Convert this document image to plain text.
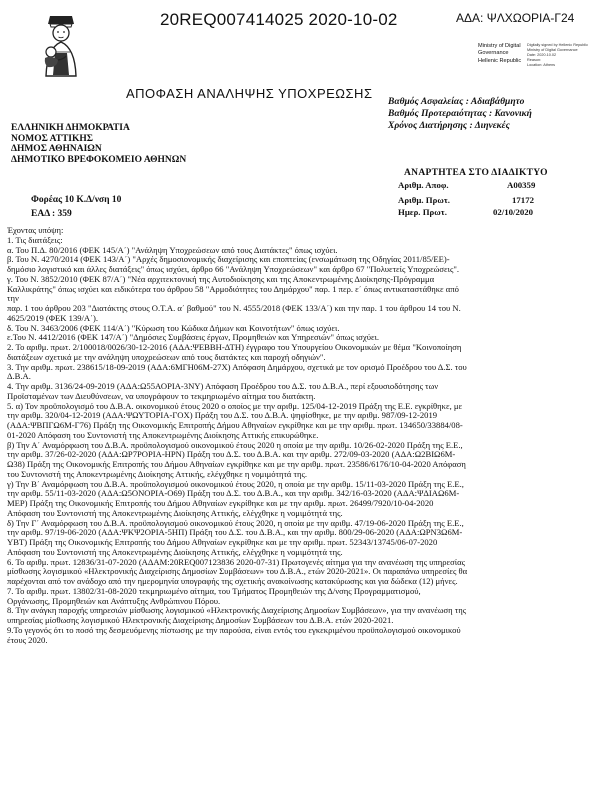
20REQ007414025 2020-10-02	ΑΔΑ: ΨΛΧΩΟΡΙΑ-Γ24
Ministry of Digital
Governance
Hellenic Republic
Digitally signed by Hellenic Republic
Ministry of Digital Governance
Date: 2020.10.02
Reason:
Location: Athens
ΑΠΟΦΑΣΗ ΑΝΑΛΗΨΗΣ ΥΠΟΧΡΕΩΣΗΣ
Βαθμός Ασφαλείας : Αδιαβάθμητο
Βαθμός Προτεραιότητας : Κανονική
Χρόνος Διατήρησης : Διηνεκές
ΕΛΛΗΝΙΚΗ ΔΗΜΟΚΡΑΤΙΑ
ΝΟΜΟΣ ΑΤΤΙΚΗΣ
ΔΗΜΟΣ ΑΘΗΝΑΙΩΝ
ΔΗΜΟΤΙΚΟ ΒΡΕΦΟΚΟΜΕΙΟ ΑΘΗΝΩΝ
ΑΝΑΡΤΗΤΕΑ ΣΤΟ ΔΙΑΔΙΚΤΥΟ
Αριθμ. Αποφ.	Α00359
Αριθμ. Πρωτ.	17172
Ημερ. Πρωτ.	02/10/2020
Φορέας 10 Κ.Δ/νση 10
ΕΑΔ : 359
Έχοντας υπόψη:
1. Τις διατάξεις:
α. Του Π.Δ. 80/2016 (ΦΕΚ 145/Α΄) "Ανάληψη Υποχρεώσεων από τους Διατάκτες" όπως ισχύει.
β. Του Ν. 4270/2014 (ΦΕΚ 143/Α΄) "Αρχές δημοσιονομικής διαχείρισης και εποπτείας (ενσωμάτωση της Οδηγίας 2011/85/ΕΕ)-
δημόσιο λογιστικό και άλλες διατάξεις" όπως ισχύει, άρθρο 66 "Ανάληψη Υποχρεώσεων" και άρθρο 67 "Πολυετείς Υποχρεώσεις".
γ. Του Ν. 3852/2010 (ΦΕΚ 87/Α΄) "Νέα αρχιτεκτονική της Αυτοδιοίκησης και της Αποκεντρωμένης Διοίκησης-Πρόγραμμα
Καλλικράτης" όπως ισχύει και ειδικότερα του άρθρου 58 "Αρμοδιότητες του Δημάρχου" παρ. 1 περ. ε΄ όπως αντικαταστάθηκε από
την
παρ. 1 του άρθρου 203 "Διατάκτης στους Ο.Τ.Α. α΄ βαθμού" του Ν. 4555/2018 (ΦΕΚ 133/Α΄) και την παρ. 1 του άρθρου 14 του Ν.
4625/2019 (ΦΕΚ 139/Α΄).
δ. Του Ν. 3463/2006 (ΦΕΚ 114/Α΄) "Κύρωση του Κώδικα Δήμων και Κοινοτήτων" όπως ισχύει.
ε.Του Ν. 4412/2016 (ΦΕΚ 147/Α΄) "Δημόσιες Συμβάσεις έργων, Προμηθειών και Υπηρεσιών" όπως ισχύει.
2. Το αριθμ. πρωτ. 2/100018/0026/30-12-2016 (ΑΔΑ:ΨΕΒΒΗ-ΔΤΗ) έγγραφο του Υπουργείου Οικονομικών με θέμα "Κοινοποίηση
διατάξεων σχετικά με την ανάληψη υποχρεώσεων από τους διατάκτες και παροχή οδηγιών".
3. Την αριθμ. πρωτ. 238615/18-09-2019 (ΑΔΑ:6ΜΓΗ06Μ-27Χ) Απόφαση Δημάρχου, σχετικά με τον ορισμό Προέδρου του Δ.Σ. του
Δ.Β.Α.
4. Την αριθμ. 3136/24-09-2019 (ΑΔΑ:Ω55ΑΟΡΙΑ-3ΝΥ) Απόφαση Προέδρου του Δ.Σ. του Δ.Β.Α., περί εξουσιοδότησης των
Προϊσταμένων των Διευθύνσεων, να υπογράφουν το τεκμηριωμένο αίτημα του διατάκτη.
5. α) Τον προϋπολογισμό του Δ.Β.Α. οικονομικού έτους 2020 ο οποίος με την αριθμ. 125/04-12-2019 Πράξη της Ε.Ε. εγκρίθηκε, με
την αριθμ. 320/04-12-2019 (ΑΔΑ:ΨΩΥΤΟΡΙΑ-ΓΟΧ) Πράξη του Δ.Σ. του Δ.Β.Α. ψηφίσθηκε, με την αριθμ. 987/09-12-2019
(ΑΔΑ:ΨΒΠΓΩ6Μ-Γ76) Πράξη της Οικονομικής Επιτροπής Δήμου Αθηναίων εγκρίθηκε και με την αριθμ. πρωτ. 134650/33884/08-
01-2020 Απόφαση του Συντονιστή της Αποκεντρωμένης Διοίκησης Αττικής επικυρώθηκε.
β) Την Α΄ Αναμόρφωση του Δ.Β.Α. προϋπολογισμού οικονομικού έτους 2020 η οποία με την αριθμ. 10/26-02-2020 Πράξη της Ε.Ε.,
την αριθμ. 37/26-02-2020 (ΑΔΑ:ΩΡ7ΡΟΡΙΑ-ΗΡΝ) Πράξη του Δ.Σ. του Δ.Β.Α. και την αριθμ. 272/09-03-2020 (ΑΔΑ:Ω2ΒΙΩ6Μ-
Ω38) Πράξη της Οικονομικής Επιτροπής του Δήμου Αθηναίων εγκρίθηκε και με την αριθμ. πρωτ. 23586/6176/10-04-2020 Απόφαση
του Συντονιστή της Αποκεντρωμένης Διοίκησης Αττικής, ελέγχθηκε η νομιμότητά της.
γ) Την Β΄ Αναμόρφωση του Δ.Β.Α. προϋπολογισμού οικονομικού έτους 2020, η οποία με την αριθμ. 15/11-03-2020 Πράξη της Ε.Ε.,
την αριθμ. 55/11-03-2020 (ΑΔΑ:Ω5ΟΝΟΡΙΑ-Ο69) Πράξη του Δ.Σ. του Δ.Β.Α., και την αριθμ. 342/16-03-2020 (ΑΔΑ:ΨΔΙΑΩ6Μ-
ΜΕΡ) Πράξη της Οικονομικής Επιτροπής του Δήμου Αθηναίων εγκρίθηκε και με την αριθμ. πρωτ. 26499/7920/10-04-2020
Απόφαση του Συντονιστή της Αποκεντρωμένης Διοίκησης Αττικής, ελέγχθηκε η νομιμότητά της.
δ) Την Γ΄ Αναμόρφωση του Δ.Β.Α. προϋπολογισμού οικονομικού έτους 2020, η οποία με την αριθμ. 47/19-06-2020 Πράξη της Ε.Ε.,
την αριθμ. 97/19-06-2020 (ΑΔΑ:ΨΚΨ2ΟΡΙΑ-5ΗΠ) Πράξη του Δ.Σ. του Δ.Β.Α., και την αριθμ. 800/29-06-2020 (ΑΔΑ:ΩΡΝ3Ω6Μ-
ΥΒΤ) Πράξη της Οικονομικής Επιτροπής του Δήμου Αθηναίων εγκρίθηκε και με την αριθμ. πρωτ. 52343/13745/06-07-2020
Απόφαση του Συντονιστή της Αποκεντρωμένης Διοίκησης Αττικής, ελέγχθηκε η νομιμότητά της.
6. Το αριθμ. πρωτ. 12836/31-07-2020 (ΑΔΑΜ:20REQ007123836 2020-07-31) Πρωτογενές αίτημα για την ανανέωση της υπηρεσίας
μίσθωσης λογισμικού «Ηλεκτρονικής Διαχείρισης Δημοσίων Συμβάσεων» του Δ.Β.Α., ετών 2020-2021». Οι παραπάνω υπηρεσίες θα
παρέχονται από τον ανάδοχο από την ημερομηνία υπογραφής της σχετικής ανακοίνωσης κατακύρωσης και για δώδεκα (12) μήνες.
7. Το αριθμ. πρωτ. 13802/31-08-2020 τεκμηριωμένο αίτημα, του Τμήματος Προμηθειών της Δ/νσης Προγραμματισμού,
Οργάνωσης, Προμηθειών και Ανάπτυξης Ανθρώπινου Πόρου.
8. Την ανάγκη παροχής υπηρεσιών μίσθωσης λογισμικού «Ηλεκτρονικής Διαχείρισης Δημοσίων Συμβάσεων», για την ανανέωση της
υπηρεσίας μίσθωσης λογισμικού Ηλεκτρονικής Διαχείρισης Δημοσίων Συμβάσεων του Δ.Β.Α. ετών 2020-2021.
9.Το γεγονός ότι το ποσό της δεσμευόμενης πίστωσης με την παρούσα, είναι εντός του εγκεκριμένου προϋπολογισμού οικονομικού
έτους 2020.
